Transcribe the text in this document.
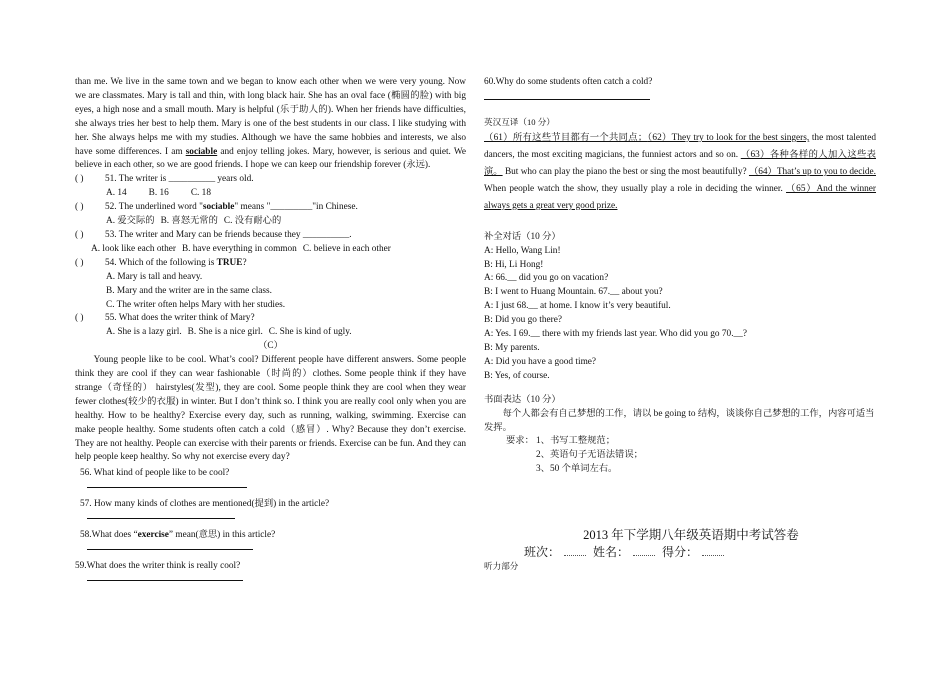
than me. We live in the same town and we began to know each other when we were very young. Now we are classmates. Mary is tall and thin, with long black hair. She has an oval face (椭圆的脸) with big eyes, a high nose and a small mouth. Mary is helpful (乐于助人的). When her friends have difficulties, she always tries her best to help them. Mary is one of the best students in our class. I like studying with her. She always helps me with my studies. Although we have the same hobbies and interests, we also have some differences. I am sociable and enjoy telling jokes. Mary, however, is serious and quiet. We believe in each other, so we are good friends. I hope we can keep our friendship forever (永远).

( )	51. The writer is __________ years old.
A. 14 B. 16 C. 18
( )	52. The underlined word "sociable" means "_________"in Chinese.
A. 爱交际的 B. 喜怒无常的 C. 没有耐心的
( )	53. The writer and Mary can be friends because they __________.
A. look like each other B. have everything in common C. believe in each other
( )	54. Which of the following is TRUE?
A. Mary is tall and heavy.
B. Mary and the writer are in the same class.
C. The writer often helps Mary with her studies.
( )	55. What does the writer think of Mary?
A. She is a lazy girl. B. She is a nice girl. C. She is kind of ugly.

（C）

Young people like to be cool. What’s cool? Different people have different answers. Some people think they are cool if they can wear fashionable（时尚的）clothes. Some people think if they have strange（奇怪的） hairstyles(发型), they are cool. Some people think they are cool when they wear fewer clothes(较少的衣服) in winter. But I don’t think so. I think you are really cool only when you are healthy. How to be healthy? Exercise every day, such as running, walking, swimming. Exercise can make people healthy. Some students often catch a cold（感冒）. Why? Because they don’t exercise. They are not healthy. People can exercise with their parents or friends. Exercise can be fun. And they can help people keep healthy. So why not exercise every day?

56. What kind of people like to be cool?

57. How many kinds of clothes are mentioned(提到) in the article?

58.What does “exercise” mean(意思) in this article?

59.What does the writer think is really cool?

60.Why do some students often catch a cold?

英汉互译（10 分）

（61）所有这些节目都有一个共同点；（62）They try to look for the best singers, the most talented dancers, the most exciting magicians, the funniest actors and so on. （63）各种各样的人加入这些表演。 But who can play the piano the best or sing the most beautifully? （64）That’s up to you to decide. When people watch the show, they usually play a role in deciding the winner. （65）And the winner always gets a great very good prize.

补全对话（10 分）

A: Hello, Wang Lin!

B: Hi, Li Hong!

A: 66.__ did you go on vacation?

B: I went to Huang Mountain. 67.__ about you?

A: I just 68.__ at home. I know it’s very beautiful.

B: Did you go there?

A: Yes. I 69.__ there with my friends last year. Who did you go 70.__?

B: My parents.

A: Did you have a good time?

B: Yes, of course.

书面表达（10 分）

每个人都会有自己梦想的工作，请以 be going to 结构，谈谈你自己梦想的工作，内容可适当发挥。

要求： 1、书写工整规范；

2、英语句子无语法错误；

3、50 个单词左右。

2013 年下学期八年级英语期中考试答卷

班次：	姓名：	得分：

听力部分
